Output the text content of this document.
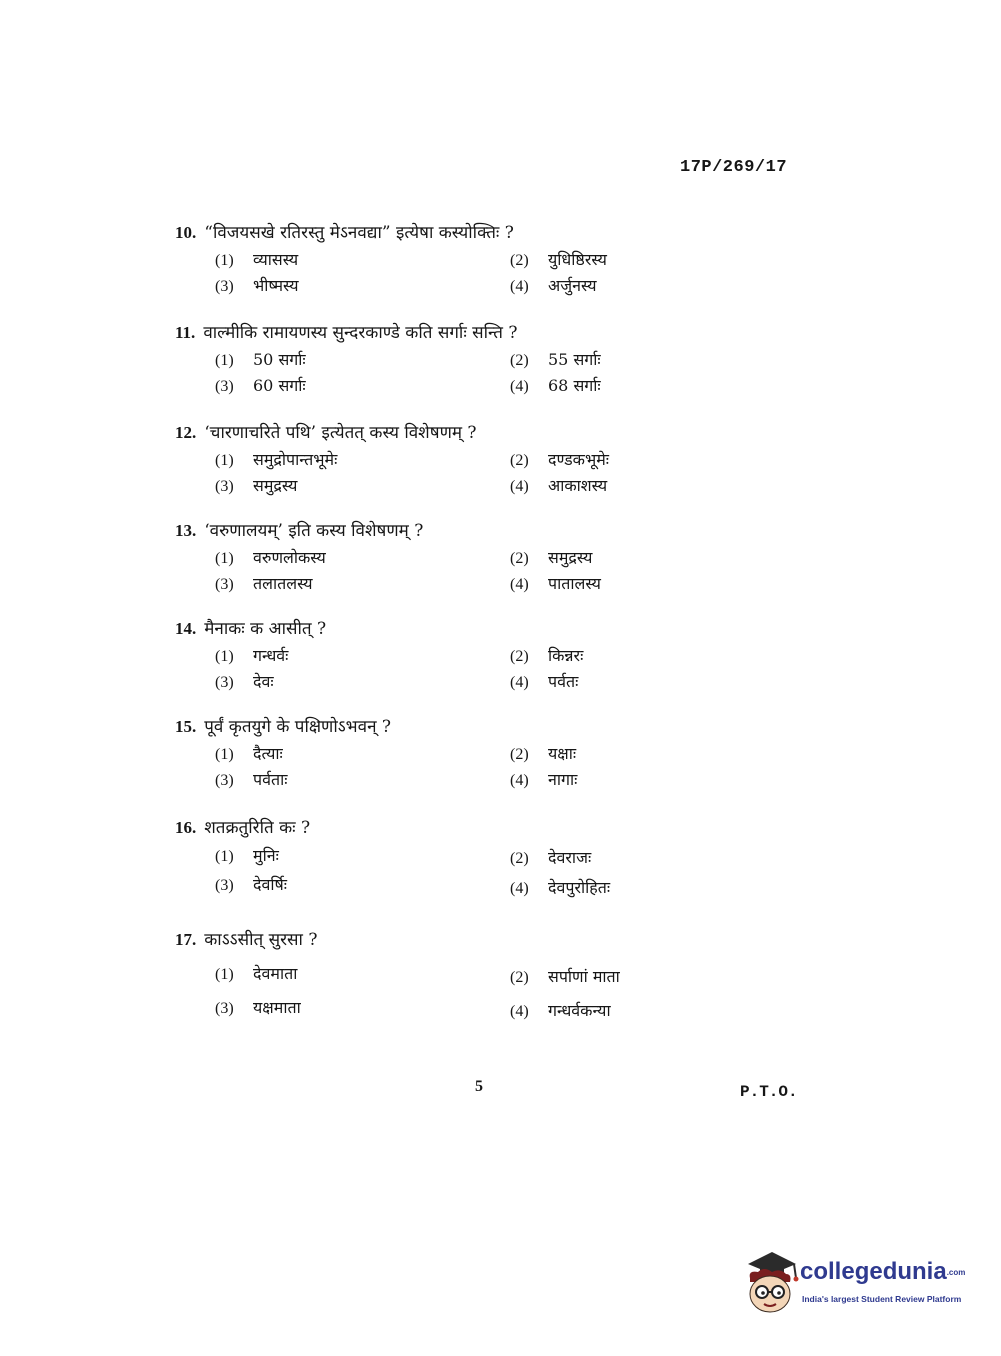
17P/269/17
10. “विजयसखे रतिरस्तु मेऽनवद्या” इत्येषा कस्योक्तिः ?
(1) व्यासस्य	(2) युधिष्ठिरस्य
(3) भीष्मस्य	(4) अर्जुनस्य
11. वाल्मीकि रामायणस्य सुन्दरकाण्डे कति सर्गाः सन्ति ?
(1) 50 सर्गाः	(2) 55 सर्गाः
(3) 60 सर्गाः	(4) 68 सर्गाः
12. ‘चारणाचरिते पथि’ इत्येतत् कस्य विशेषणम् ?
(1) समुद्रोपान्तभूमेः	(2) दण्डकभूमेः
(3) समुद्रस्य	(4) आकाशस्य
13. ‘वरुणालयम्’ इति कस्य विशेषणम् ?
(1) वरुणलोकस्य	(2) समुद्रस्य
(3) तलातलस्य	(4) पातालस्य
14. मैनाकः क आसीत् ?
(1) गन्धर्वः	(2) किन्नरः
(3) देवः	(4) पर्वतः
15. पूर्वं कृतयुगे के पक्षिणोऽभवन् ?
(1) दैत्याः	(2) यक्षाः
(3) पर्वताः	(4) नागाः
16. शतक्रतुरिति कः ?
(1) मुनिः	(2) देवराजः
(3) देवर्षिः	(4) देवपुरोहितः
17. काऽऽसीत् सुरसा ?
(1) देवमाता	(2) सर्पाणां माता
(3) यक्षमाता	(4) गन्धर्वकन्या
5	P.T.O.
collegedunia.com
India's largest Student Review Platform
